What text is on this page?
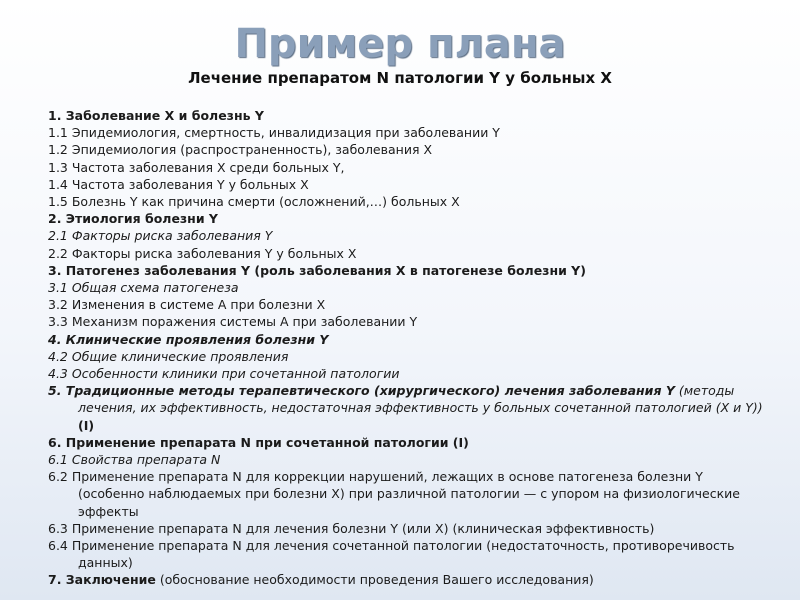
Пример плана
Лечение препаратом N патологии Y у больных X
1. Заболевание X и болезнь Y
1.1 Эпидемиология, смертность, инвалидизация при заболевании Y
1.2 Эпидемиология (распространенность), заболевания X
1.3 Частота заболевания X среди больных Y,
1.4 Частота заболевания Y у больных X
1.5 Болезнь Y как причина смерти (осложнений,…) больных X
2. Этиология болезни Y
2.1 Факторы риска заболевания Y
2.2 Факторы риска заболевания Y у больных X
3. Патогенез заболевания Y (роль заболевания X в патогенезе болезни Y)
3.1 Общая схема патогенеза
3.2 Изменения в системе A при болезни X
3.3 Механизм поражения системы A при заболевании Y
4. Клинические проявления болезни Y
4.2 Общие клинические проявления
4.3 Особенности клиники при сочетанной патологии
5. Традиционные методы терапевтического (хирургического) лечения заболевания Y (методы лечения, их эффективность, недостаточная эффективность у больных сочетанной патологией (X и Y)) (I)
6. Применение препарата N при сочетанной патологии (I)
6.1 Свойства препарата N
6.2 Применение препарата N для коррекции нарушений, лежащих в основе патогенеза болезни Y (особенно наблюдаемых при болезни X) при различной патологии — с упором на физиологические эффекты
6.3 Применение препарата N для лечения болезни Y (или X) (клиническая эффективность)
6.4 Применение препарата N для лечения сочетанной патологии (недостаточность, противоречивость данных)
7. Заключение (обоснование необходимости проведения Вашего исследования)
